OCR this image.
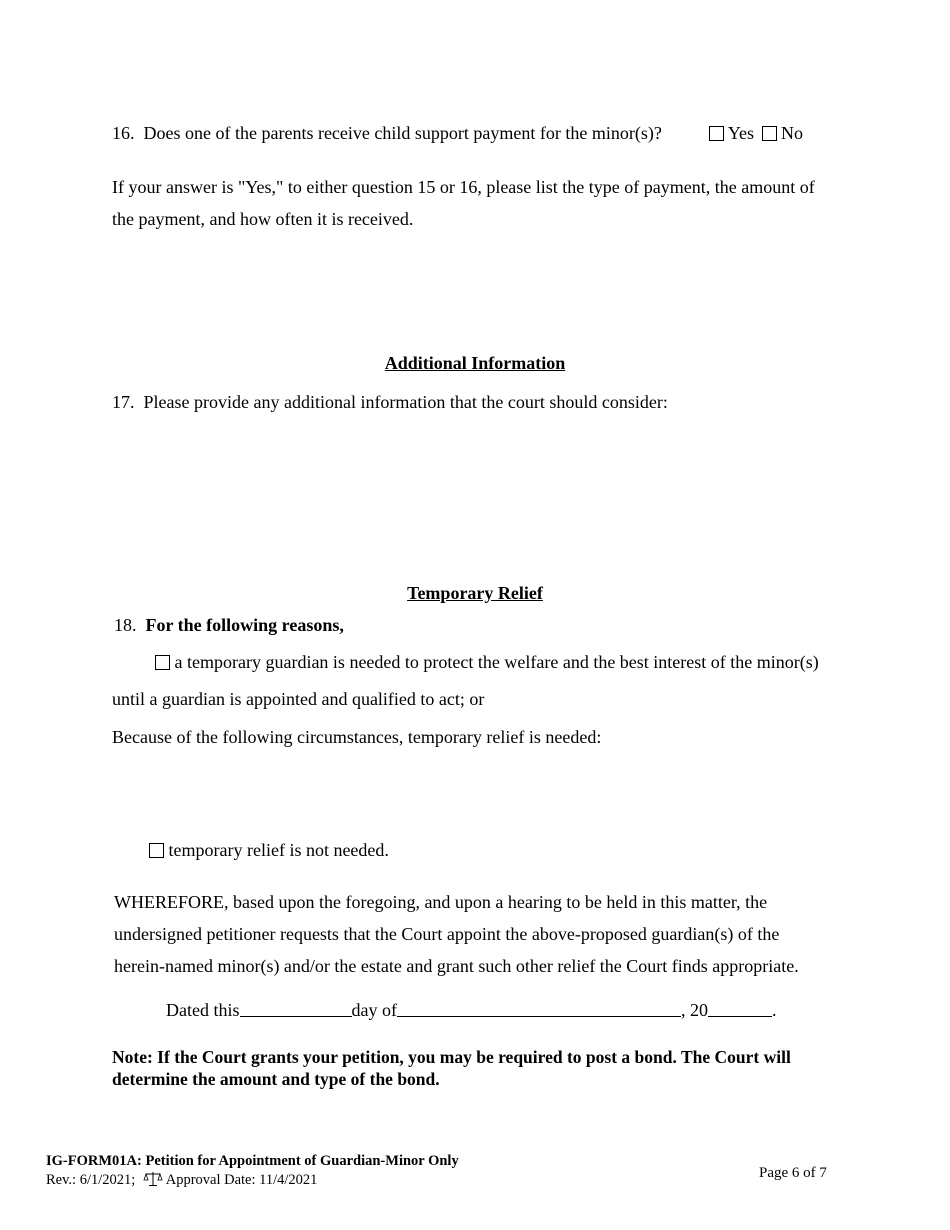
16. Does one of the parents receive child support payment for the minor(s)?	Yes No
If your answer is "Yes," to either question 15 or 16, please list the type of payment, the amount of
the payment, and how often it is received.
Additional Information
17. Please provide any additional information that the court should consider:
Temporary Relief
18. For the following reasons,
a temporary guardian is needed to protect the welfare and the best interest of the minor(s)
until a guardian is appointed and qualified to act; or
Because of the following circumstances, temporary relief is needed:
temporary relief is not needed.
WHEREFORE, based upon the foregoing, and upon a hearing to be held in this matter, the
undersigned petitioner requests that the Court appoint the above-proposed guardian(s) of the
herein-named minor(s) and/or the estate and grant such other relief the Court finds appropriate.
Dated this	day of	, 20	.
Note: If the Court grants your petition, you may be required to post a bond. The Court will determine the amount and type of the bond.
IG-FORM01A: Petition for Appointment of Guardian-Minor Only
Rev.: 6/1/2021; Approval Date: 11/4/2021	Page 6 of 7
